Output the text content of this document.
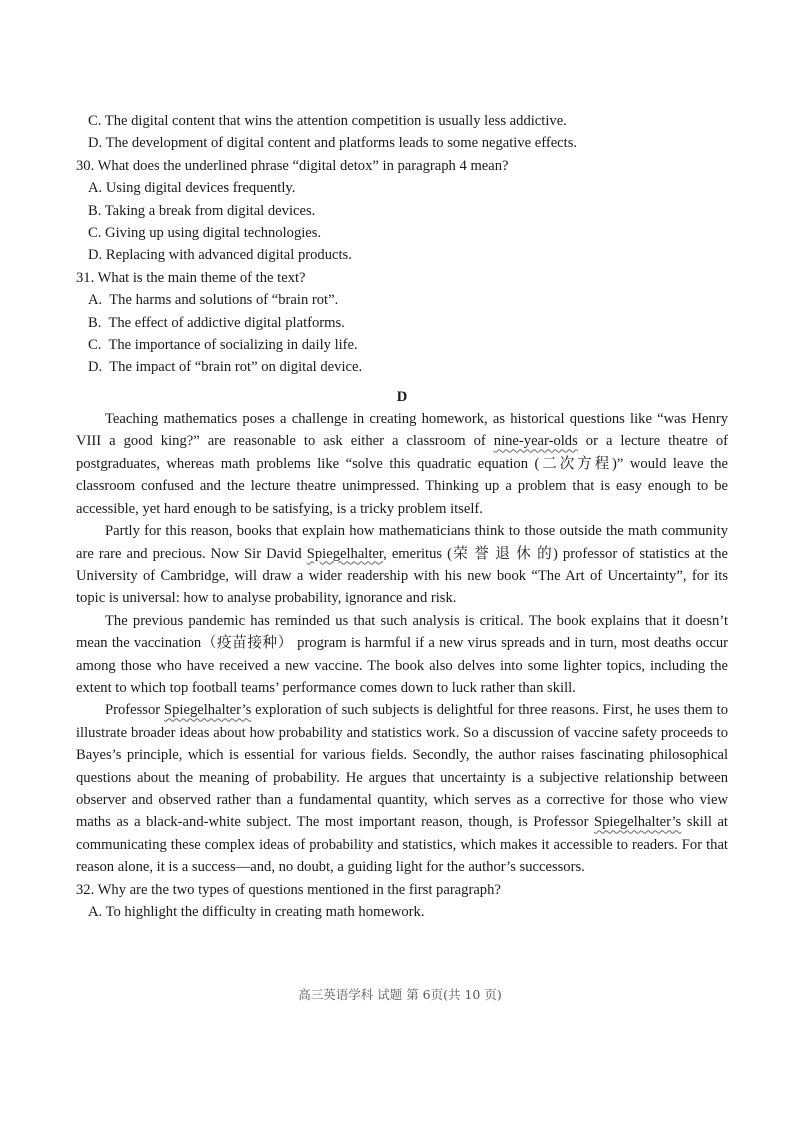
C. The digital content that wins the attention competition is usually less addictive.
D. The development of digital content and platforms leads to some negative effects.
30. What does the underlined phrase “digital detox” in paragraph 4 mean?
A. Using digital devices frequently.
B. Taking a break from digital devices.
C. Giving up using digital technologies.
D. Replacing with advanced digital products.
31. What is the main theme of the text?
A. The harms and solutions of “brain rot”.
B. The effect of addictive digital platforms.
C. The importance of socializing in daily life.
D. The impact of “brain rot” on digital device.
D

Teaching mathematics poses a challenge in creating homework, as historical questions like “was Henry VIII a good king?” are reasonable to ask either a classroom of nine-year-olds or a lecture theatre of postgraduates, whereas math problems like “solve this quadratic equation (二次方程)” would leave the classroom confused and the lecture theatre unimpressed. Thinking up a problem that is easy enough to be accessible, yet hard enough to be satisfying, is a tricky problem itself.

Partly for this reason, books that explain how mathematicians think to those outside the math community are rare and precious. Now Sir David Spiegelhalter, emeritus (荣 誉 退 休 的) professor of statistics at the University of Cambridge, will draw a wider readership with his new book “The Art of Uncertainty”, for its topic is universal: how to analyse probability, ignorance and risk.

The previous pandemic has reminded us that such analysis is critical. The book explains that it doesn’t mean the vaccination（疫苗接种） program is harmful if a new virus spreads and in turn, most deaths occur among those who have received a new vaccine. The book also delves into some lighter topics, including the extent to which top football teams’ performance comes down to luck rather than skill.

Professor Spiegelhalter’s exploration of such subjects is delightful for three reasons. First, he uses them to illustrate broader ideas about how probability and statistics work. So a discussion of vaccine safety proceeds to Bayes’s principle, which is essential for various fields. Secondly, the author raises fascinating philosophical questions about the meaning of probability. He argues that uncertainty is a subjective relationship between observer and observed rather than a fundamental quantity, which serves as a corrective for those who view maths as a black-and-white subject. The most important reason, though, is Professor Spiegelhalter’s skill at communicating these complex ideas of probability and statistics, which makes it accessible to readers. For that reason alone, it is a success—and, no doubt, a guiding light for the author’s successors.

32. Why are the two types of questions mentioned in the first paragraph?
A. To highlight the difficulty in creating math homework.
高三英语学科 试题 第 6页(共 10 页)
